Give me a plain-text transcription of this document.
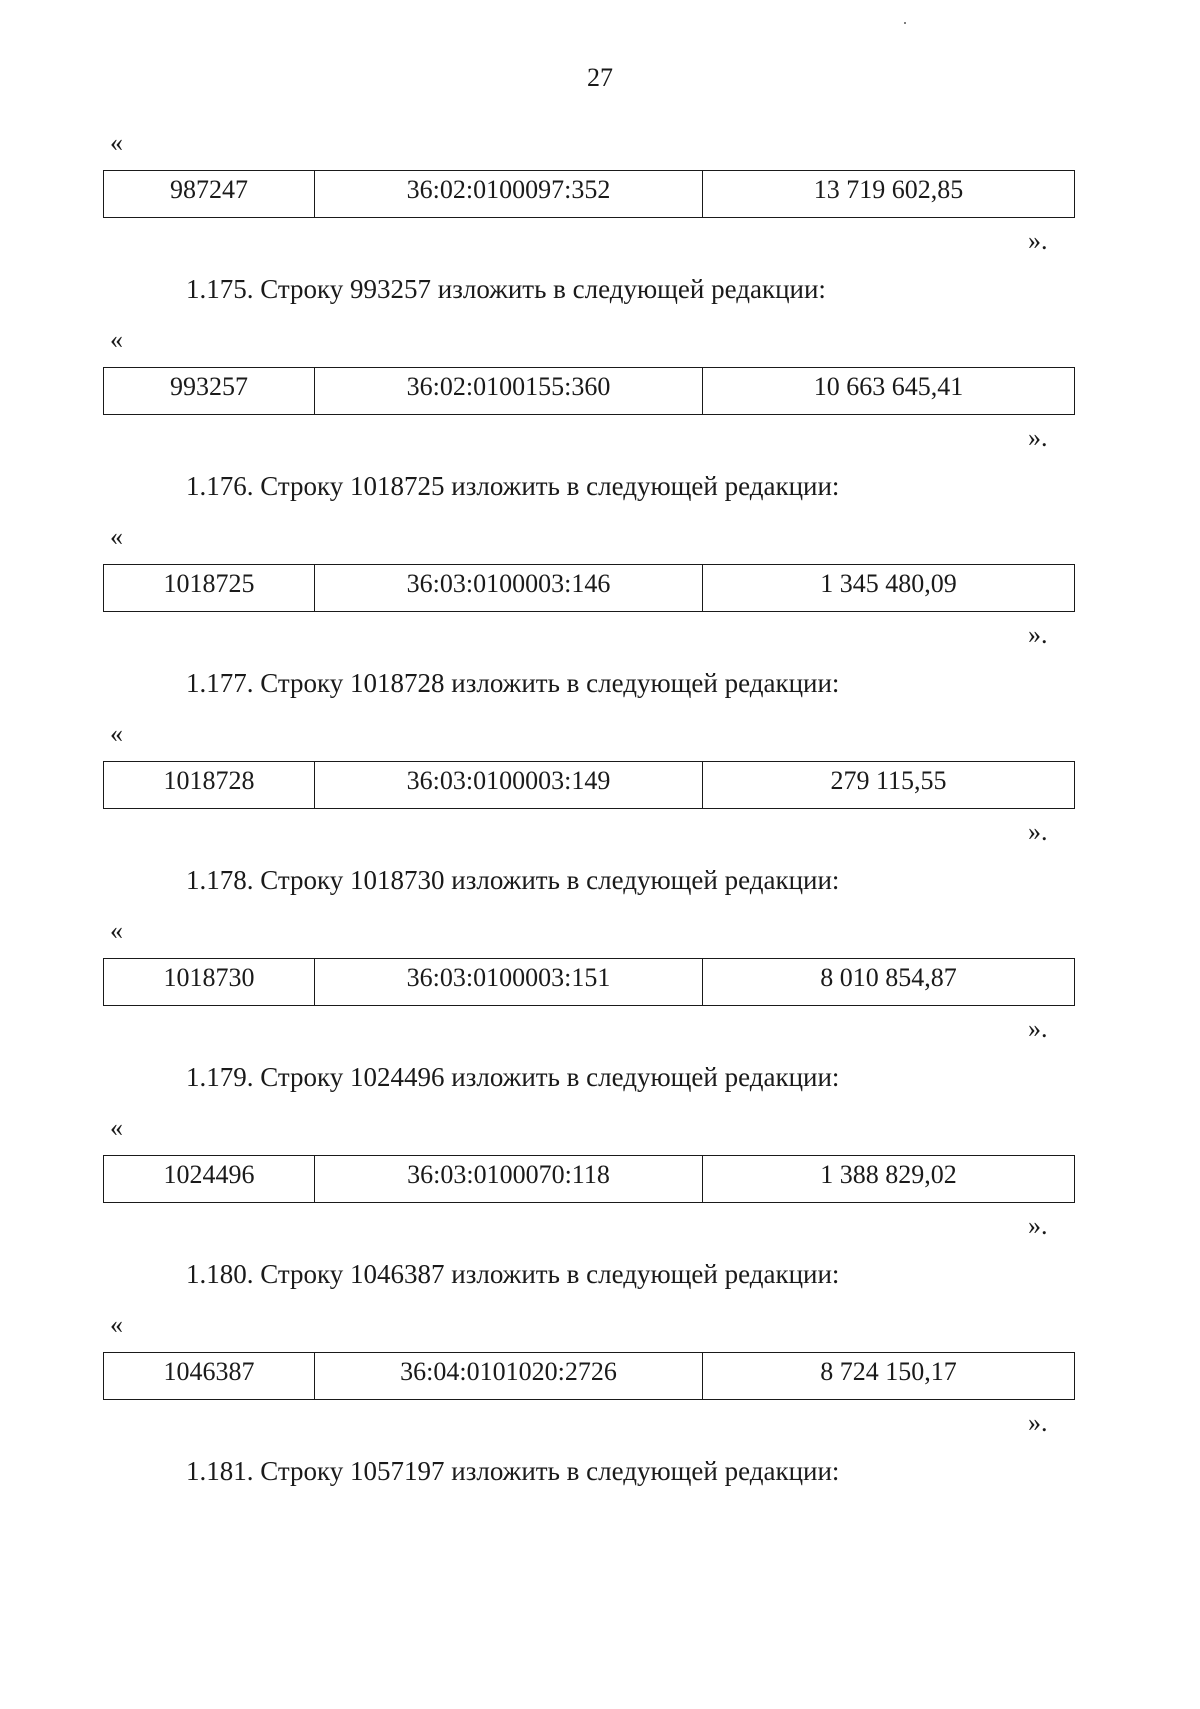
27
«
987247	36:02:0100097:352	13 719 602,85
».
1.175. Строку 993257 изложить в следующей редакции:
«
993257	36:02:0100155:360	10 663 645,41
».
1.176. Строку 1018725 изложить в следующей редакции:
«
1018725	36:03:0100003:146	1 345 480,09
».
1.177. Строку 1018728 изложить в следующей редакции:
«
1018728	36:03:0100003:149	279 115,55
».
1.178. Строку 1018730 изложить в следующей редакции:
«
1018730	36:03:0100003:151	8 010 854,87
».
1.179. Строку 1024496 изложить в следующей редакции:
«
1024496	36:03:0100070:118	1 388 829,02
».
1.180. Строку 1046387 изложить в следующей редакции:
«
1046387	36:04:0101020:2726	8 724 150,17
».
1.181. Строку 1057197 изложить в следующей редакции:
